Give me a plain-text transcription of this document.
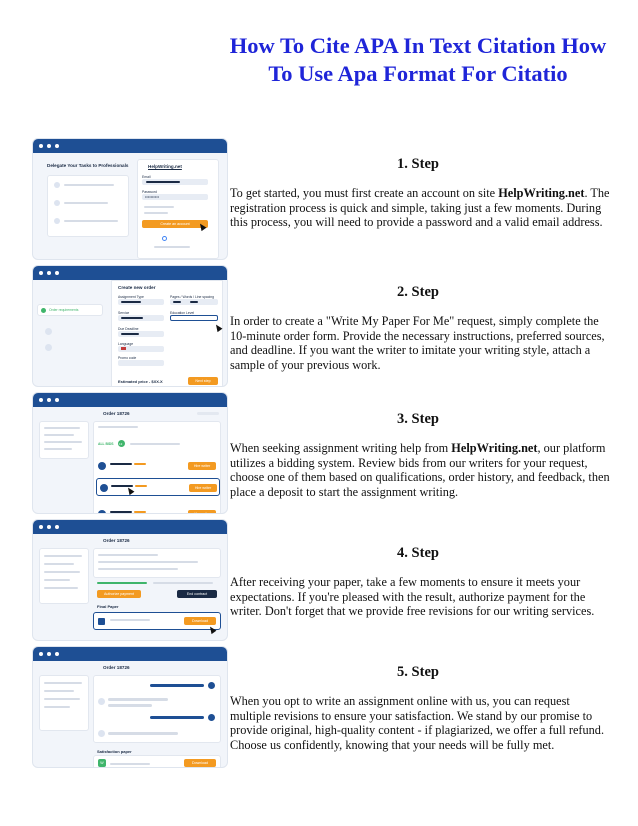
How To Cite APA In Text Citation How To Use Apa Format For Citatio
Delegate Your Tasks to Professionals	HelpWriting.net
Email
Password
••••••••••
Create an account
1. Step
To get started, you must first create an account on site HelpWriting.net. The registration process is quick and simple, taking just a few moments. During this process, you will need to provide a password and a valid email address.
Order requirements
Create new order
Assignment Type	Pages / Words / Line spacing
Service	Education Level
Due Deadline
Language
Promo code
Estimated price - $XX.X	Next step
2. Step
In order to create a "Write My Paper For Me" request, simply complete the 10-minute order form. Provide the necessary instructions, preferred sources, and deadline. If you want the writer to imitate your writing style, attach a sample of your previous work.
Order 18726
ALL BIDS 13
Hire writer
Hire writer
Hire writer
3. Step
When seeking assignment writing help from HelpWriting.net, our platform utilizes a bidding system. Review bids from our writers for your request, choose one of them based on qualifications, order history, and feedback, then place a deposit to start the assignment writing.
Order 18726
Authorize payment	End contract
Final Paper
Download
4. Step
After receiving your paper, take a few moments to ensure it meets your expectations. If you're pleased with the result, authorize payment for the writer. Don't forget that we provide free revisions for our writing services.
Order 18726
Satisfaction paper
W	Download
5. Step
When you opt to write an assignment online with us, you can request multiple revisions to ensure your satisfaction. We stand by our promise to provide original, high-quality content - if plagiarized, we offer a full refund. Choose us confidently, knowing that your needs will be fully met.
